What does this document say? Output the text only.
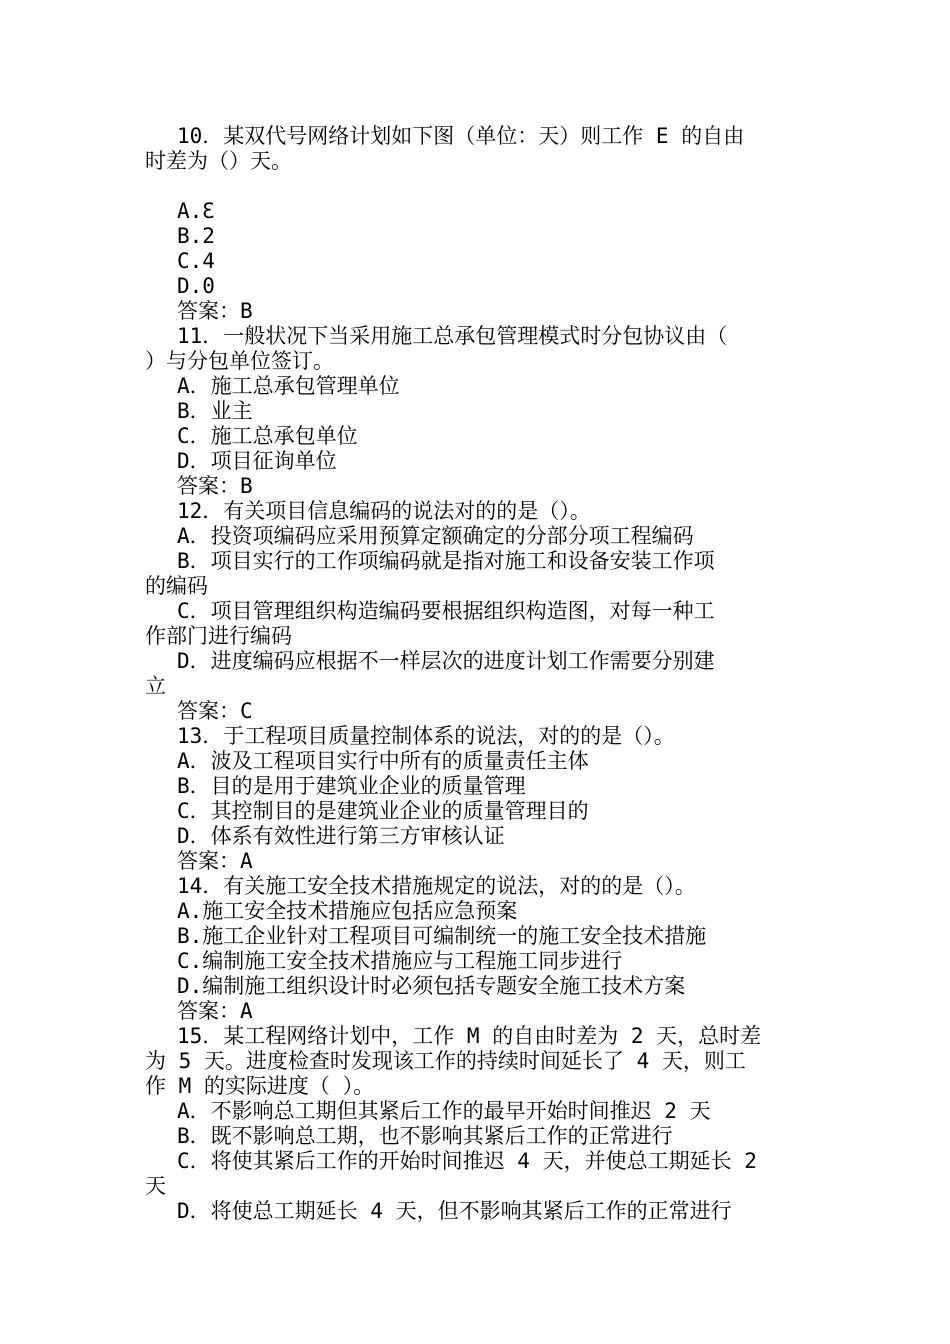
10．某双代号网络计划如下图（单位：天）则工作 E 的自由
时差为（）天。
A.Ɛ
B.2
C.4
D.0
答案：B
11．一般状况下当采用施工总承包管理模式时分包协议由（
）与分包单位签订。
A．施工总承包管理单位
B．业主
C．施工总承包单位
D．项目征询单位
答案：B
12．有关项目信息编码的说法对的的是（）。
A．投资项编码应采用预算定额确定的分部分项工程编码
B．项目实行的工作项编码就是指对施工和设备安装工作项
的编码
C．项目管理组织构造编码要根据组织构造图，对每一种工
作部门进行编码
D．进度编码应根据不一样层次的进度计划工作需要分别建
立
答案：C
13．于工程项目质量控制体系的说法，对的的是（）。
A．波及工程项目实行中所有的质量责任主体
B．目的是用于建筑业企业的质量管理
C．其控制目的是建筑业企业的质量管理目的
D．体系有效性进行第三方审核认证
答案：A
14．有关施工安全技术措施规定的说法，对的的是（）。
A.施工安全技术措施应包括应急预案
B.施工企业针对工程项目可编制统一的施工安全技术措施
C.编制施工安全技术措施应与工程施工同步进行
D.编制施工组织设计时必须包括专题安全施工技术方案
答案：A
15．某工程网络计划中，工作 M 的自由时差为 2 天，总时差
为 5 天。进度检查时发现该工作的持续时间延长了 4 天，则工
作 M 的实际进度（ ）。
A．不影响总工期但其紧后工作的最早开始时间推迟 2 天
B．既不影响总工期，也不影响其紧后工作的正常进行
C．将使其紧后工作的开始时间推迟 4 天，并使总工期延长 2
天
D．将使总工期延长 4 天，但不影响其紧后工作的正常进行
